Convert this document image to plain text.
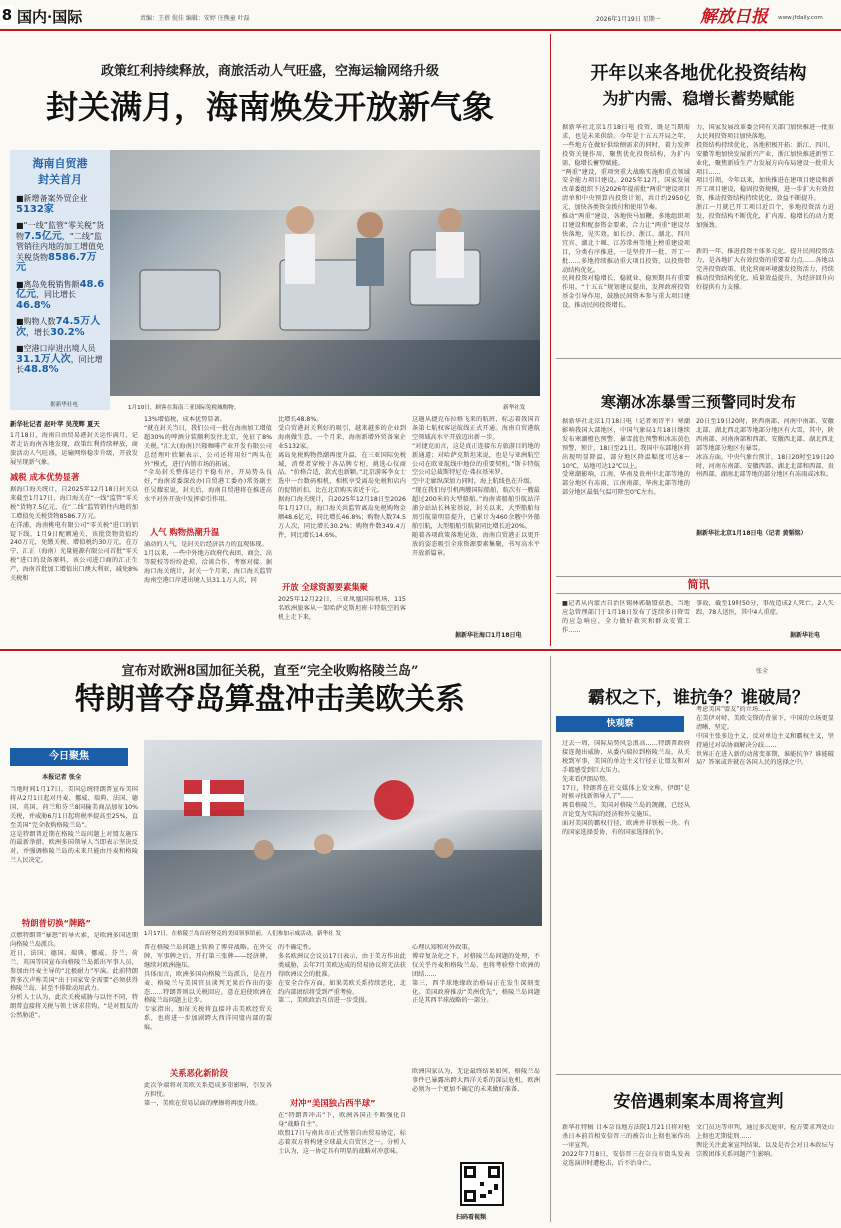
8 国内·国际	责编：王蓓 倪佳 编辑：安婷 庄熊童 叶磊	2026年1月19日 星期一 解放日报 www.jfdaily.com
政策红利持续释放，商旅活动人气旺盛，空海运输网络升级
封关满月，海南焕发开放新气象
海南自贸港
封关首月
■新增备案外贸企业5132家
■“一线”监管“零关税”货物7.5亿元，“二线”监管销往内地的加工增值免关税货物8586.7万元
■离岛免税销售额48.6亿元，同比增长46.8%
■购物人数74.5万人次，增长30.2%
■空港口岸进出境人员31.1万人次，同比增长48.8%
据新华社电	1月10日，顾客在海南三亚国际免税城购物。	新华社发
新华社记者 赵叶苹 吴茂辉 夏天
1月18日，海南自由贸易港封关运作满月，记者走访海南各地发现，政策红利持续释放，商旅活动人气旺盛，运输网络稳步升级，开放发展呈现新气象。
减税 成本优势显著
据海口海关统计，自2025年12月18日封关以来截至1月17日，海口海关在“一线”监管“零关税”货物7.5亿元，在“二线”监管销往内地的加工增值免关税货物8586.7万元。
在洋浦，海南桃电有限公司“零关税”进口的铝锭下线，1月9日配额通关，该批货物货值约240万元，免缴关税、增值税约30万元。在万宁，汇正（海南）光量能源有限公司首批“零关税”进口的设备原料，该公司进口商的汇正生产，海南首批加工增值出口澳大利亚，减免8%关税和
13%增值税，成本优势显著。
“就在封关当日，我们公司一批在海南加工增值超30%的啤酒分装顺利发往北京，免征了8%关税。”汇大(海南)兴隆咖啡产业开发有限公司总经理叶欣颖表示，公司还将用好“两头在外”模式，进行内销市场的拓展。
“全岛封关整体运行平稳有序，开局势头良好，”海南省委深改办(自贸港工委办)常务副主任吴耀宏说，封关后，海南自贸港将在推进高水平对外开放中发挥牵引作用。
人气 购物热潮升温
涌动的人气，是封关后经济活力的直观体现。
1月以来，一些中外地方政府代表团、商会、高等院校等纷纷赴琼，洽谈合作、考察对接。据海口海关统计，封关一个月来，海口海关监管海南空港口岸进出境人员31.1万人次，同
比增长48.8%。
受自贸港封关利好的吸引，越来越多的企业到海南做生意。一个月来，海南新增外贸备案企业5132家。
离岛免税购物热潮再度升温，在三亚国际免税城，消费者穿梭于各品牌专柜，挑选心仪商品。“价格合适，款式也新颖。”北京游客李女士选中一台数码相机，相机享受离岛免税和店内的促销折扣，比在北京购买省近千元。
据海口海关统计，自2025年12月18日至2026年1月17日，海口海关共监管离岛免税购物金额48.6亿元，同比增长46.8%；购物人数74.5万人次，同比增长30.2%；购物件数349.4万件，同比增长14.6%。
开放 全球资源要素集聚
2025年12月22日，三亚凤凰国际机场，115名欧洲旅客从一架哈萨克斯坦班卡特航空的客机上走下来，
这趟从捷克布拉格飞来的航班，标志着我国首条第七航权客运航线正式开通。海南自贸港航空领域高水平开放迈出新一步。
“对捷克而言，这是真正连接东方旅游目的地的新通道；对哈萨克斯坦来说，也是与亚洲航空公司在欧亚航线中地位的重要契机。”斯卡特航空公司总裁斯特尼克·弗拉基米罗。
空中走廊纵深加力同时，海上航线也在升级。
“现在我们每引机两艘国际船舶，航次有一艘最超过200米的大型船舶。”海南省船舶引航站洋浦分站站长林宏基说，封关以来，大型船舶每周引航量明显提升，已累计为460余艘中外船舶引航，大型船舶引航量同比增长近20%。
随着各项政策落地见效，海南自贸港正以更开放的姿态吸引全球资源要素集聚，书写高水平开放新篇章。
据新华社海口1月18日电
开年以来各地优化投资结构
为扩内需、稳增长蓄势赋能
据新华社北京1月18日电 投资，既是当期需求，也是未来供给。今年是十五五开局之年，一些地方在做好供给侧需求的同时，着力发挥投资关键作用，聚焦优化投资结构，为扩内需、稳增长蓄势赋能。
“两重”建设，重项突重大战略实施和重点领域安全能力项目建设。2025年12月，国家发展改革委组织下达2026年提前批“两重”建设项目清单和中央预算内投资计划，共计约2950亿元，加快各类资金拨付和使用节奏。
推动“两重”建设，各地快马加鞭。多地组织项目建设和配套资金要素，合力让“两重”建设尽快落地、见实效。如长沙、浙江、湖北、四川宜宾、湖北十堰、江苏常州等地上榜重建设项目，分类有序推进，一是坚持开一批、开工一批……多地持续推动重大项目投资，以投资带动结构优化。
民间投资对稳增长、稳就业、稳预期具有重要作用。“十五五”规划建议提出，发挥政府投资基金引导作用，鼓励民间资本参与重大项目建设，推动民间投资增长。
力，国家发展改革委会同有关部门加快推进一批重大民间投资项目加快落地。
投资结构持续优化，各地积极开拓：新江、四川、安徽等地加快发展新兴产业，浙江加快推进新型工业化，聚焦新质生产力发展方向布局建设一批重大项目……
项目引领，今年以来，加快推进在建项目建设和新开工项目建设，稳固投资规模，进一步扩大有效投资，推动投资结构持续优化、效益不断提升。
浙江一月就已开工项目近百个，多地投资活力迸发，投资结构不断优化，扩内需、稳增长的动力更加强劲。
新的一年，推进投资主体多元化、提升民间投资活力，是各地扩大有效投资的重要着力点……各地以完善投资政策、优化营商环境激发投资活力，持续推动投资结构优化、质量效益提升，为经济回升向好提供有力支撑。
寒潮冰冻暴雪三预警同时发布
据新华社北京1月18日电（记者刘诗平）寒潮影响我国大部地区，中国气象局1月18日继续发布寒潮橙色预警、暴雪蓝色预警和冰冻黄色预警，预计，18日至21日，我国中东部地区将出现明显降温，部分地区降温幅度可达8～10℃，局地可达12℃以上。
受寒潮影响，江南、华南及贵州中北部等地的部分地区有冻雨，江南南部、华南北部等地的部分地区最低气温可降至0℃左右。
20日至19日20时，陕西南部、河南中南部、安徽北部、湖北西北部等地部分地区有大雪，其中，陕西南部、河南南部和西部、安徽西北部、湖北西北部等地部分地区有暴雪。
冰冻方面，中央气象台预计，18日20时至19日20时，河南东南部、安徽西部、湖北北部和西部、贵州西部、湖南北部等地的部分地区有冻雨或冰粒。
据新华社北京1月18日电（记者 黄韬铭）
简讯
■记者从内蒙古自治区锡林郭勒盟获悉，当地应急管理部门于1月18日发布了连续多日降雪的应急响应，全力做好救灾和群众安置工作……
事故，截至19时50分，事故造成2人死亡，2人失踪，78人送医，其中4人重症。
据新华社电
宣布对欧洲8国加征关税，直至“完全收购格陵兰岛”
特朗普夺岛算盘冲击美欧关系
今日聚焦
本报记者 张全
当地时间1月17日，美国总统特朗普宣布美国将从2月1日起对丹麦、挪威、瑞典、法国、德国、英国、荷兰和芬兰8国输美商品加征10%关税，并威胁6月1日起将税率提高至25%，直至美国“完全收购格陵兰岛”。
这是特朗普近期在格陵兰岛问题上对盟友施压的最新举措。欧洲多国领导人当即表示坚决反对，并强调格陵兰岛的未来只能由丹麦和格陵兰人民决定。
特朗普切换“牌路”
点燃特朗普“暴怒”的导火索，是欧洲多国近期向格陵兰岛派兵。
近日，法国、德国、瑞典、挪威、芬兰、荷兰、英国等国宣布向格陵兰岛派出军事人员，参加由丹麦主导的“北极耐力”军演。此前特朗普多次声称美国“出于国家安全需要”必须获得格陵兰岛，甚至不排除动用武力。
分析人士认为，此次关税威胁与以往不同，特朗普直接将关税与领土诉求挂钩，“是对盟友的公然胁迫”。
1月17日，在格陵兰岛首府努克的美国领事馆前，人们参加示威活动。新华社 发
普在格陵兰岛问题上转换了博弈战略。在外交牌、军事牌之后，开打第三张牌——经济牌，继续对欧洲施压。
具体而言，欧洲多国向格陵兰岛派兵，是在丹麦、格陵兰与美国官员谈判无果后作出的姿态……特朗普则以关税回应，意在迫使欧洲在格陵兰岛问题上让步。
专家指出，加征关税将直接冲击美欧经贸关系，也将进一步加剧跨大西洋同盟内部的裂痕。
关系恶化新阶段
此次争端将对美欧关系造成多重影响，引发各方担忧。
第一，美欧在贸易层面的摩擦将再度升级。
的不确定性。
多名欧洲议会议员17日表示，由于美方作出此类威胁，去年7月美欧达成的贸易协议将无法获得欧洲议会的批准。
在安全合作方面，如果美欧关系持续恶化，北约内部团结将受到严重考验。
第二，美欧政治互信进一步受损。
对冲“美国独占西半球”
在“特朗普冲击”下，欧洲各国正不断强化自身“战略自主”。
欧盟17日与南共市正式签署自由贸易协定，标志着双方将构建全球最大自贸区之一。分析人士认为，这一协定具有明显的战略对冲意味。
心理认知和对外政策。
博弈复杂化之下，对格陵兰岛问题的处理，不仅关乎丹麦和格陵兰岛，也将考验整个欧洲的团结……
第三，西半球地缘政治格局正在发生深刻变化。美国政府推动“美洲优先”，格陵兰岛问题正是其西半球战略的一部分。
欧洲国家认为，无论最终结果如何，格陵兰岛事件已暴露出跨大西洋关系的深层危机，欧洲必须为一个更加不确定的未来做好准备。
扫码看视频
霸权之下，谁抗争？谁破局？
张全
快观察
过去一周，国际局势风急浪高……特朗普政府接连抛出威胁，从委内瑞拉到格陵兰岛，从关税到军事，美国的单边主义行径正让盟友和对手都感受到巨大压力。
先来看伊朗局势。
17日，特朗普在社交媒体上发文称，伊朗“是时候寻找新领导人了”……
再看格陵兰。美国对格陵兰岛的觊觎，已经从言论变为实际的经济和外交施压。
面对美国的霸权行径，欧洲并非铁板一块。有的国家选择妥协，有的国家选择抗争。
考虑美国“盟友”的立场……
在美伊对峙、美欧交锋的背景下，中国的立场更显清晰、坚定。
中国主张多边主义，反对单边主义和霸权主义，坚持通过对话协商解决分歧……
世界正在进入新的动荡变革期，谁能抗争？谁能破局？答案或许就在各国人民的选择之中。
安倍遇刺案本周将宣判
新华社特稿 日本奈良地方法院1月21日将对枪杀日本前首相安倍晋三的被告山上彻也案作出一审宣判。
2022年7月8日，安倍晋三在奈良市街头发表竞选演讲时遭枪击，后不治身亡。
文门员达等审判，通过多次庭审，检方要求判处山上彻也无期徒刑……
舆论关注此案宣判结果，以及是否会对日本政坛与宗教团体关系问题产生影响。
